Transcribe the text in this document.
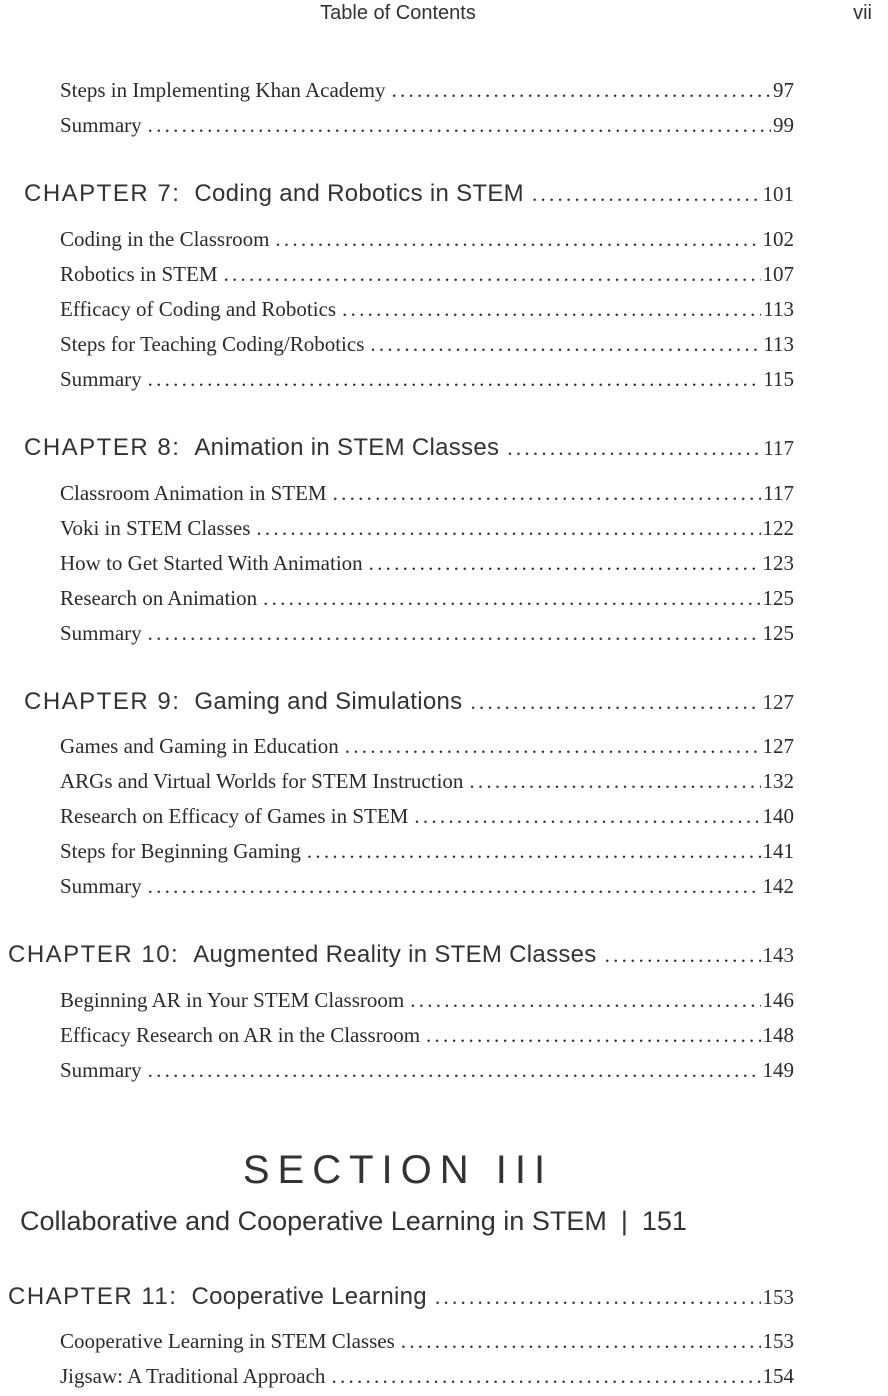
Table of Contents	vii
Steps in Implementing Khan Academy . . .	97
Summary . . .	99
CHAPTER 7: Coding and Robotics in STEM . . .	101
Coding in the Classroom . . .	102
Robotics in STEM . . .	107
Efficacy of Coding and Robotics . . .	113
Steps for Teaching Coding/Robotics . . .	113
Summary . . .	115
CHAPTER 8: Animation in STEM Classes . . .	117
Classroom Animation in STEM . . .	117
Voki in STEM Classes . . .	122
How to Get Started With Animation . . .	123
Research on Animation . . .	125
Summary . . .	125
CHAPTER 9: Gaming and Simulations . . .	127
Games and Gaming in Education . . .	127
ARGs and Virtual Worlds for STEM Instruction . . .	132
Research on Efficacy of Games in STEM . . .	140
Steps for Beginning Gaming . . .	141
Summary . . .	142
CHAPTER 10: Augmented Reality in STEM Classes . . .	143
Beginning AR in Your STEM Classroom . . .	146
Efficacy Research on AR in the Classroom . . .	148
Summary . . .	149
SECTION III
Collaborative and Cooperative Learning in STEM | 151
CHAPTER 11: Cooperative Learning . . .	153
Cooperative Learning in STEM Classes . . .	153
Jigsaw: A Traditional Approach . . .	154
